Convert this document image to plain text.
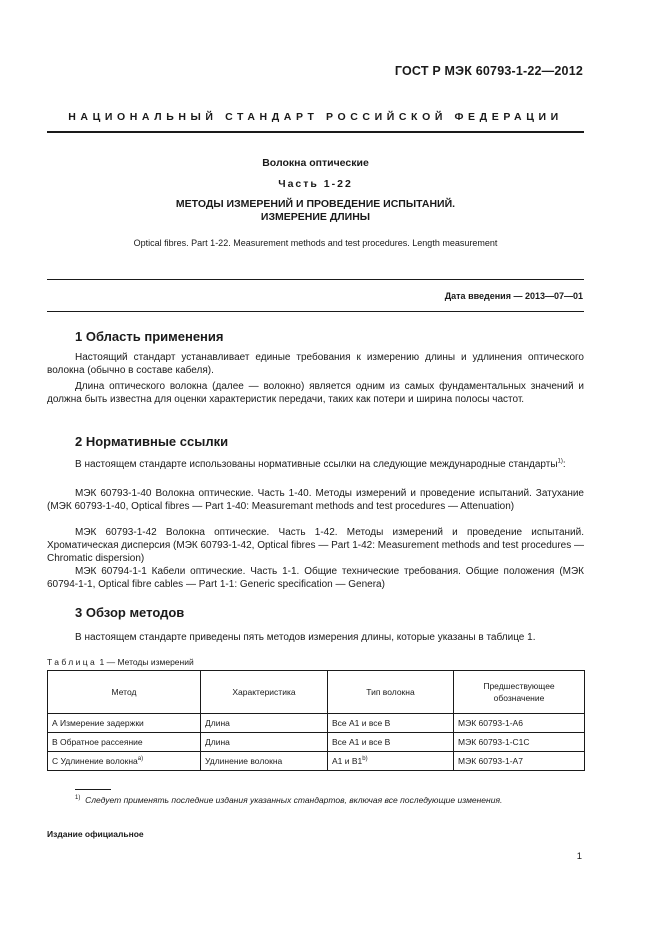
ГОСТ Р МЭК 60793-1-22—2012
НАЦИОНАЛЬНЫЙ СТАНДАРТ РОССИЙСКОЙ ФЕДЕРАЦИИ
Волокна оптические
Часть 1-22
МЕТОДЫ ИЗМЕРЕНИЙ И ПРОВЕДЕНИЕ ИСПЫТАНИЙ.
ИЗМЕРЕНИЕ ДЛИНЫ
Optical fibres. Part 1-22. Measurement methods and test procedures. Length measurement
Дата введения — 2013—07—01
1 Область применения

Настоящий стандарт устанавливает единые требования к измерению длины и удлинения оптического волокна (обычно в составе кабеля).

Длина оптического волокна (далее — волокно) является одним из самых фундаментальных значений и должна быть известна для оценки характеристик передачи, таких как потери и ширина полосы частот.

2 Нормативные ссылки

В настоящем стандарте использованы нормативные ссылки на следующие международные стандарты$^{1)}$:

МЭК 60793-1-40 Волокна оптические. Часть 1-40. Методы измерений и проведение испытаний. Затухание (МЭК 60793-1-40, Optical fibres — Part 1-40: Measuremant methods and test procedures — Attenuation)

МЭК 60793-1-42 Волокна оптические. Часть 1-42. Методы измерений и проведение испытаний. Хроматическая дисперсия (МЭК 60793-1-42, Optical fibres — Part 1-42: Measurement methods and test procedures — Chromatic dispersion)

МЭК 60794-1-1 Кабели оптические. Часть 1-1. Общие технические требования. Общие положения (МЭК 60794-1-1, Optical fibre cables — Part 1-1: Generic specification — Genera)

3 Обзор методов

В настоящем стандарте приведены пять методов измерения длины, которые указаны в таблице 1.

Таблица 1 — Методы измерений
Метод	Характеристика	Тип волокна	Предшествующее
обозначение
А Измерение задержки	Длина	Все А1 и все В	МЭК 60793-1-А6
В Обратное рассеяние	Длина	Все А1 и все В	МЭК 60793-1-С1С
С Удлинение волокна$^{а)}$	Удлинение волокна	А1 и В1$^{b)}$	МЭК 60793-1-А7
$^{1)}$ Следует применять последние издания указанных стандартов, включая все последующие изменения.
Издание официальное
1
